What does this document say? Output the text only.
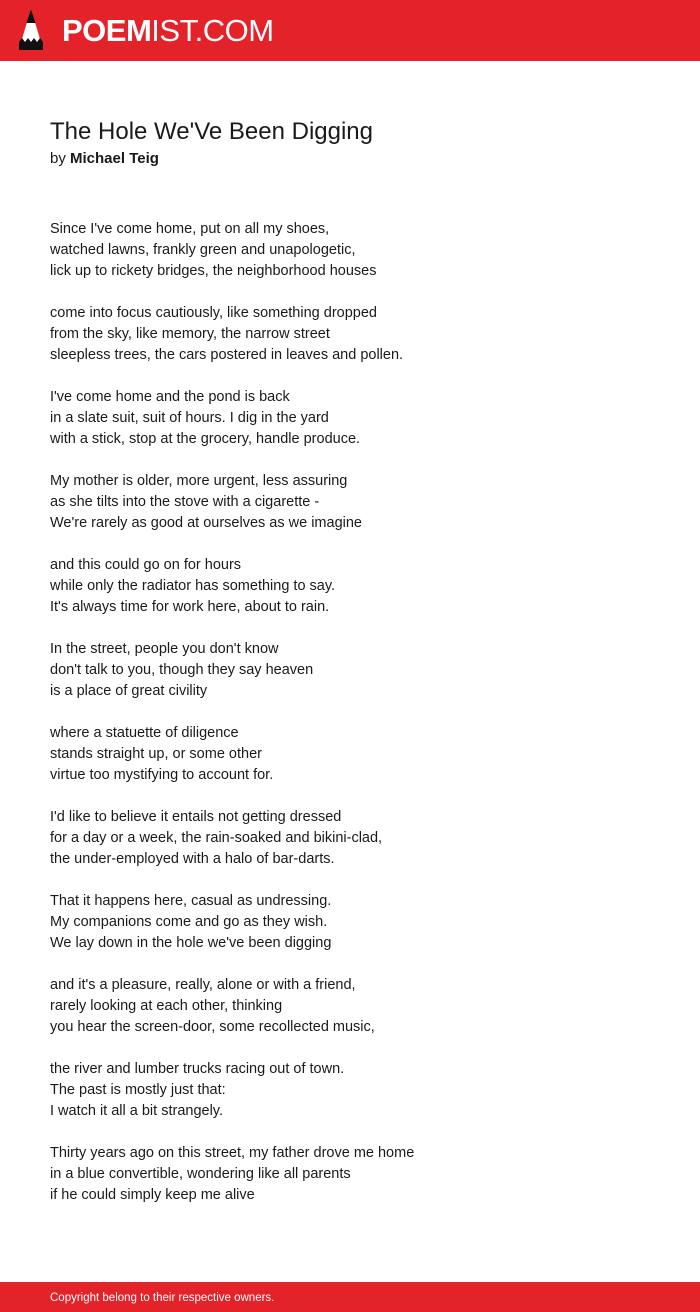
POEMIST.COM
The Hole We'Ve Been Digging
by Michael Teig
Since I've come home, put on all my shoes,
watched lawns, frankly green and unapologetic,
lick up to rickety bridges, the neighborhood houses
come into focus cautiously, like something dropped
from the sky, like memory, the narrow street
sleepless trees, the cars postered in leaves and pollen.
I've come home and the pond is back
in a slate suit, suit of hours. I dig in the yard
with a stick, stop at the grocery, handle produce.
My mother is older, more urgent, less assuring
as she tilts into the stove with a cigarette -
We're rarely as good at ourselves as we imagine
and this could go on for hours
while only the radiator has something to say.
It's always time for work here, about to rain.
In the street, people you don't know
don't talk to you, though they say heaven
is a place of great civility
where a statuette of diligence
stands straight up, or some other
virtue too mystifying to account for.
I'd like to believe it entails not getting dressed
for a day or a week, the rain-soaked and bikini-clad,
the under-employed with a halo of bar-darts.
That it happens here, casual as undressing.
My companions come and go as they wish.
We lay down in the hole we've been digging
and it's a pleasure, really, alone or with a friend,
rarely looking at each other, thinking
you hear the screen-door, some recollected music,
the river and lumber trucks racing out of town.
The past is mostly just that:
I watch it all a bit strangely.
Thirty years ago on this street, my father drove me home
in a blue convertible, wondering like all parents
if he could simply keep me alive
Copyright belong to their respective owners.
